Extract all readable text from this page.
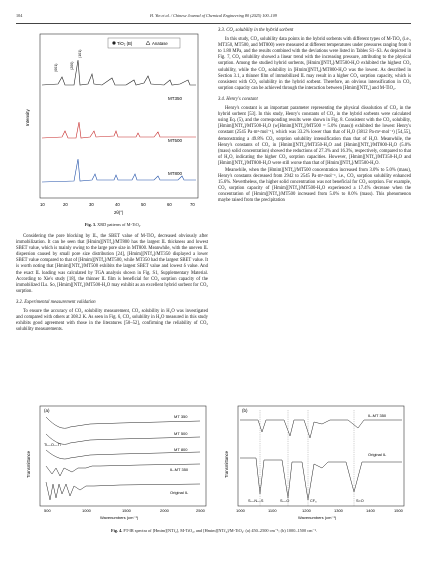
104	H. Yin et al. / Chinese Journal of Chemical Engineering 80 (2025) 100–109
TiO₂ (B)	Anatase
MT350
MT500
MT800
(001)	(200)
(101)
Intensity
10	20	30	40	50	60	70
2θ(°)
Fig. 3. XRD patterns of M-TiO₂.

Considering the pore blocking by IL, the SBET value of M-TiO₂ decreased obviously after immobilization. It can be seen that [Hmim][NTf₂]/MT800 has the largest IL thickness and lowest SBET value, which is mainly owing to the large pore size in MT800. Meanwhile, with the uneven IL dispersion caused by small pore size distribution [24], [Hmim][NTf₂]/MT350 displayed a lower SBET value compared to that of [Hmim][NTf₂]/MT500, while MT350 had the largest SBET value. It is worth noting that [Hmim][NTf₂]/MT500 exhibits the largest SBET value and lowest δ value. And the exact IL loading was calculated by TGA analysis shown in Fig. S1, Supplementary Material. According to Xie's study [18], the thinner IL film is beneficial for CO₂ sorption capacity of the immobilized ILs. So, [Hmim][NTf₂]/MT500-H₂O may exhibit as an excellent hybrid sorbent for CO₂ sorption.

3.2. Experimental measurement validation

To ensure the accuracy of CO₂ solubility measurement, CO₂ solubility in H₂O was investigated and compared with others at 308.2 K. As seen in Fig. 6, CO₂ solubility in H₂O measured in this study exhibits good agreement with those in the literatures [50–52], confirming the reliability of CO₂ solubility measurements.

3.3. CO₂ solubility in the hybrid sorbent

In this study, CO₂ solubility data points in the hybrid sorbents with different types of M-TiO₂ (i.e., MT350, MT500, and MT800) were measured at different temperatures under pressures ranging from 0 to 1.80 MPa, and the results combined with the deviations were listed in Tables S1–S3. As depicted in Fig. 7, CO₂ solubility showed a linear trend with the increasing pressure, attributing to the physical sorption. Among the studied hybrid sorbents, [Hmim][NTf₂]/MT500-H₂O exhibited the highest CO₂ solubility, while the CO₂ solubility in [Hmim][NTf₂]/MT800-H₂O was the lowest. As described in Section 3.1, a thinner film of immobilized IL may result in a higher CO₂ sorption capacity, which is consistent with CO₂ solubility in the hybrid sorbent. Therefore, an obvious intensification in CO₂ sorption capacity can be achieved through the interaction between [Hmim][NTf₂] and M-TiO₂.

3.4. Henry's constant

Henry's constant is an important parameter representing the physical dissolution of CO₂ in the hybrid sorbent [53]. In this study, Henry's constants of CO₂ in the hybrid sorbents were calculated using Eq. (5), and the corresponding results were shown in Fig. 8. Consistent with the CO₂ solubility, [Hmim][NTf₂]/MT500-H₂O (w[Hmim][NTf₂]/MT500 = 5.0% (mass)) exhibited the lowest Henry's constant (2545 Pa·m³·mol⁻¹), which was 33.2% lower than that of H₂O (3812 Pa·m³·mol⁻¹) [54,55], demonstrating a 49.8% CO₂ sorption solubility intensification than that of H₂O. Meanwhile, the Henry's constants of CO₂ in [Hmim][NTf₂]/MT350-H₂O and [Hmim][NTf₂]/MT800-H₂O (5.0% (mass) solid concentration) showed the reductions of 27.3% and 16.3%, respectively, compared to that of H₂O, indicating the higher CO₂ sorption capacities. However, [Hmim][NTf₂]/MT350-H₂O and [Hmim][NTf₂]/MT800-H₂O were still worse than that of [Hmim][NTf₂]/MT500-H₂O.

Meanwhile, when the [Hmim][NTf₂]/MT500 concentration increased from 3.0% to 5.0% (mass), Henry's constants decreased from 2942 to 2545 Pa·m³·mol⁻¹, i.e., CO₂ sorption solubility enhanced 15.6%. Nevertheless, the higher solid concentration was not beneficial for CO₂ sorption. For example, CO₂ sorption capacity of [Hmim][NTf₂]/MT500-H₂O experienced a 17.4% decrease when the concentration of [Hmim][NTf₂]/MT500 increased from 5.0% to 8.0% (mass). This phenomenon maybe raised from the precipitation

(a)
MT 350
MT 500
MT 800
IL-MT 350
Original IL
Ti—O—Ti
Transmittance
500	1000	1500	2000	2500
Wavenumbers (cm⁻¹)
(b)
IL-MT 350
Original IL
S—N—S	S—O	CF₃	S=O
Transmittance
1000	1100	1200	1300	1400	1500
Wavenumbers (cm⁻¹)
Fig. 4. FT-IR spectra of [Hmim][NTf₂], M-TiO₂, and [Hmim][NTf₂]/M-TiO₂: (a) 450–2500 cm⁻¹; (b) 1000–1500 cm⁻¹.
